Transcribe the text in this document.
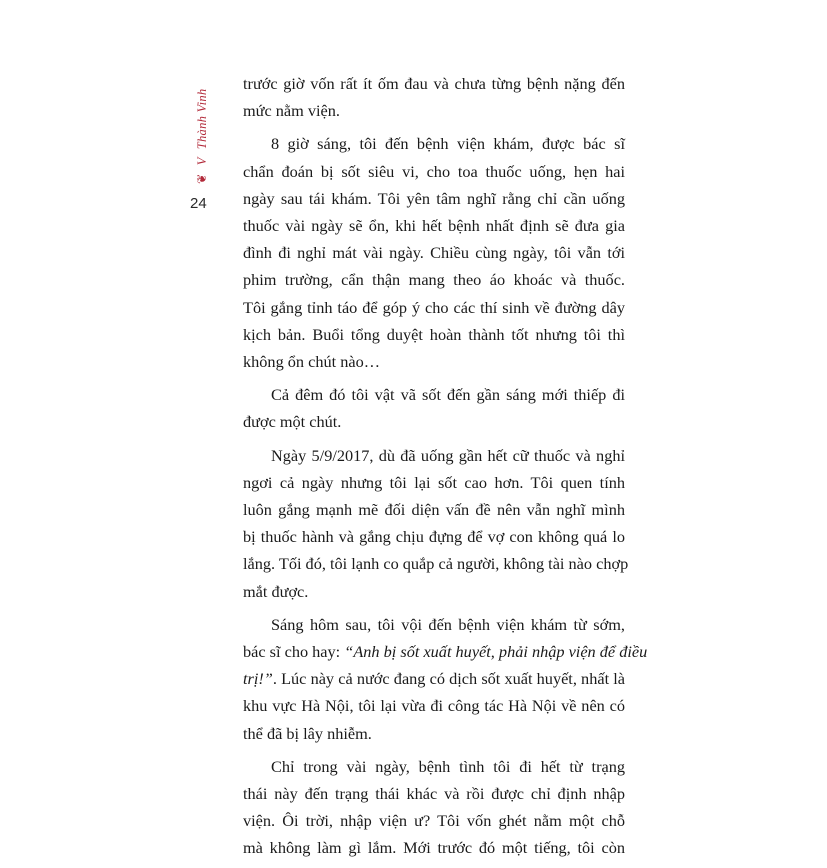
❦VThành Vinh
24
trước giờ vốn rất ít ốm đau và chưa từng bệnh nặng đến
mức nằm viện.
8 giờ sáng, tôi đến bệnh viện khám, được bác sĩ
chẩn đoán bị sốt siêu vi, cho toa thuốc uống, hẹn hai
ngày sau tái khám. Tôi yên tâm nghĩ rằng chỉ cần uống
thuốc vài ngày sẽ ổn, khi hết bệnh nhất định sẽ đưa gia
đình đi nghỉ mát vài ngày. Chiều cùng ngày, tôi vẫn tới
phim trường, cẩn thận mang theo áo khoác và thuốc.
Tôi gắng tỉnh táo để góp ý cho các thí sinh về đường dây
kịch bản. Buổi tổng duyệt hoàn thành tốt nhưng tôi thì
không ổn chút nào…
Cả đêm đó tôi vật vã sốt đến gần sáng mới thiếp đi
được một chút.
Ngày 5/9/2017, dù đã uống gần hết cữ thuốc và nghỉ
ngơi cả ngày nhưng tôi lại sốt cao hơn. Tôi quen tính
luôn gắng mạnh mẽ đối diện vấn đề nên vẫn nghĩ mình
bị thuốc hành và gắng chịu đựng để vợ con không quá lo
lắng. Tối đó, tôi lạnh co quắp cả người, không tài nào chợp
mắt được.
Sáng hôm sau, tôi vội đến bệnh viện khám từ sớm,
bác sĩ cho hay: “Anh bị sốt xuất huyết, phải nhập viện để điều
trị!”. Lúc này cả nước đang có dịch sốt xuất huyết, nhất là
khu vực Hà Nội, tôi lại vừa đi công tác Hà Nội về nên có
thể đã bị lây nhiễm.
Chỉ trong vài ngày, bệnh tình tôi đi hết từ trạng
thái này đến trạng thái khác và rồi được chỉ định nhập
viện. Ôi trời, nhập viện ư? Tôi vốn ghét nằm một chỗ
mà không làm gì lắm. Mới trước đó một tiếng, tôi còn
